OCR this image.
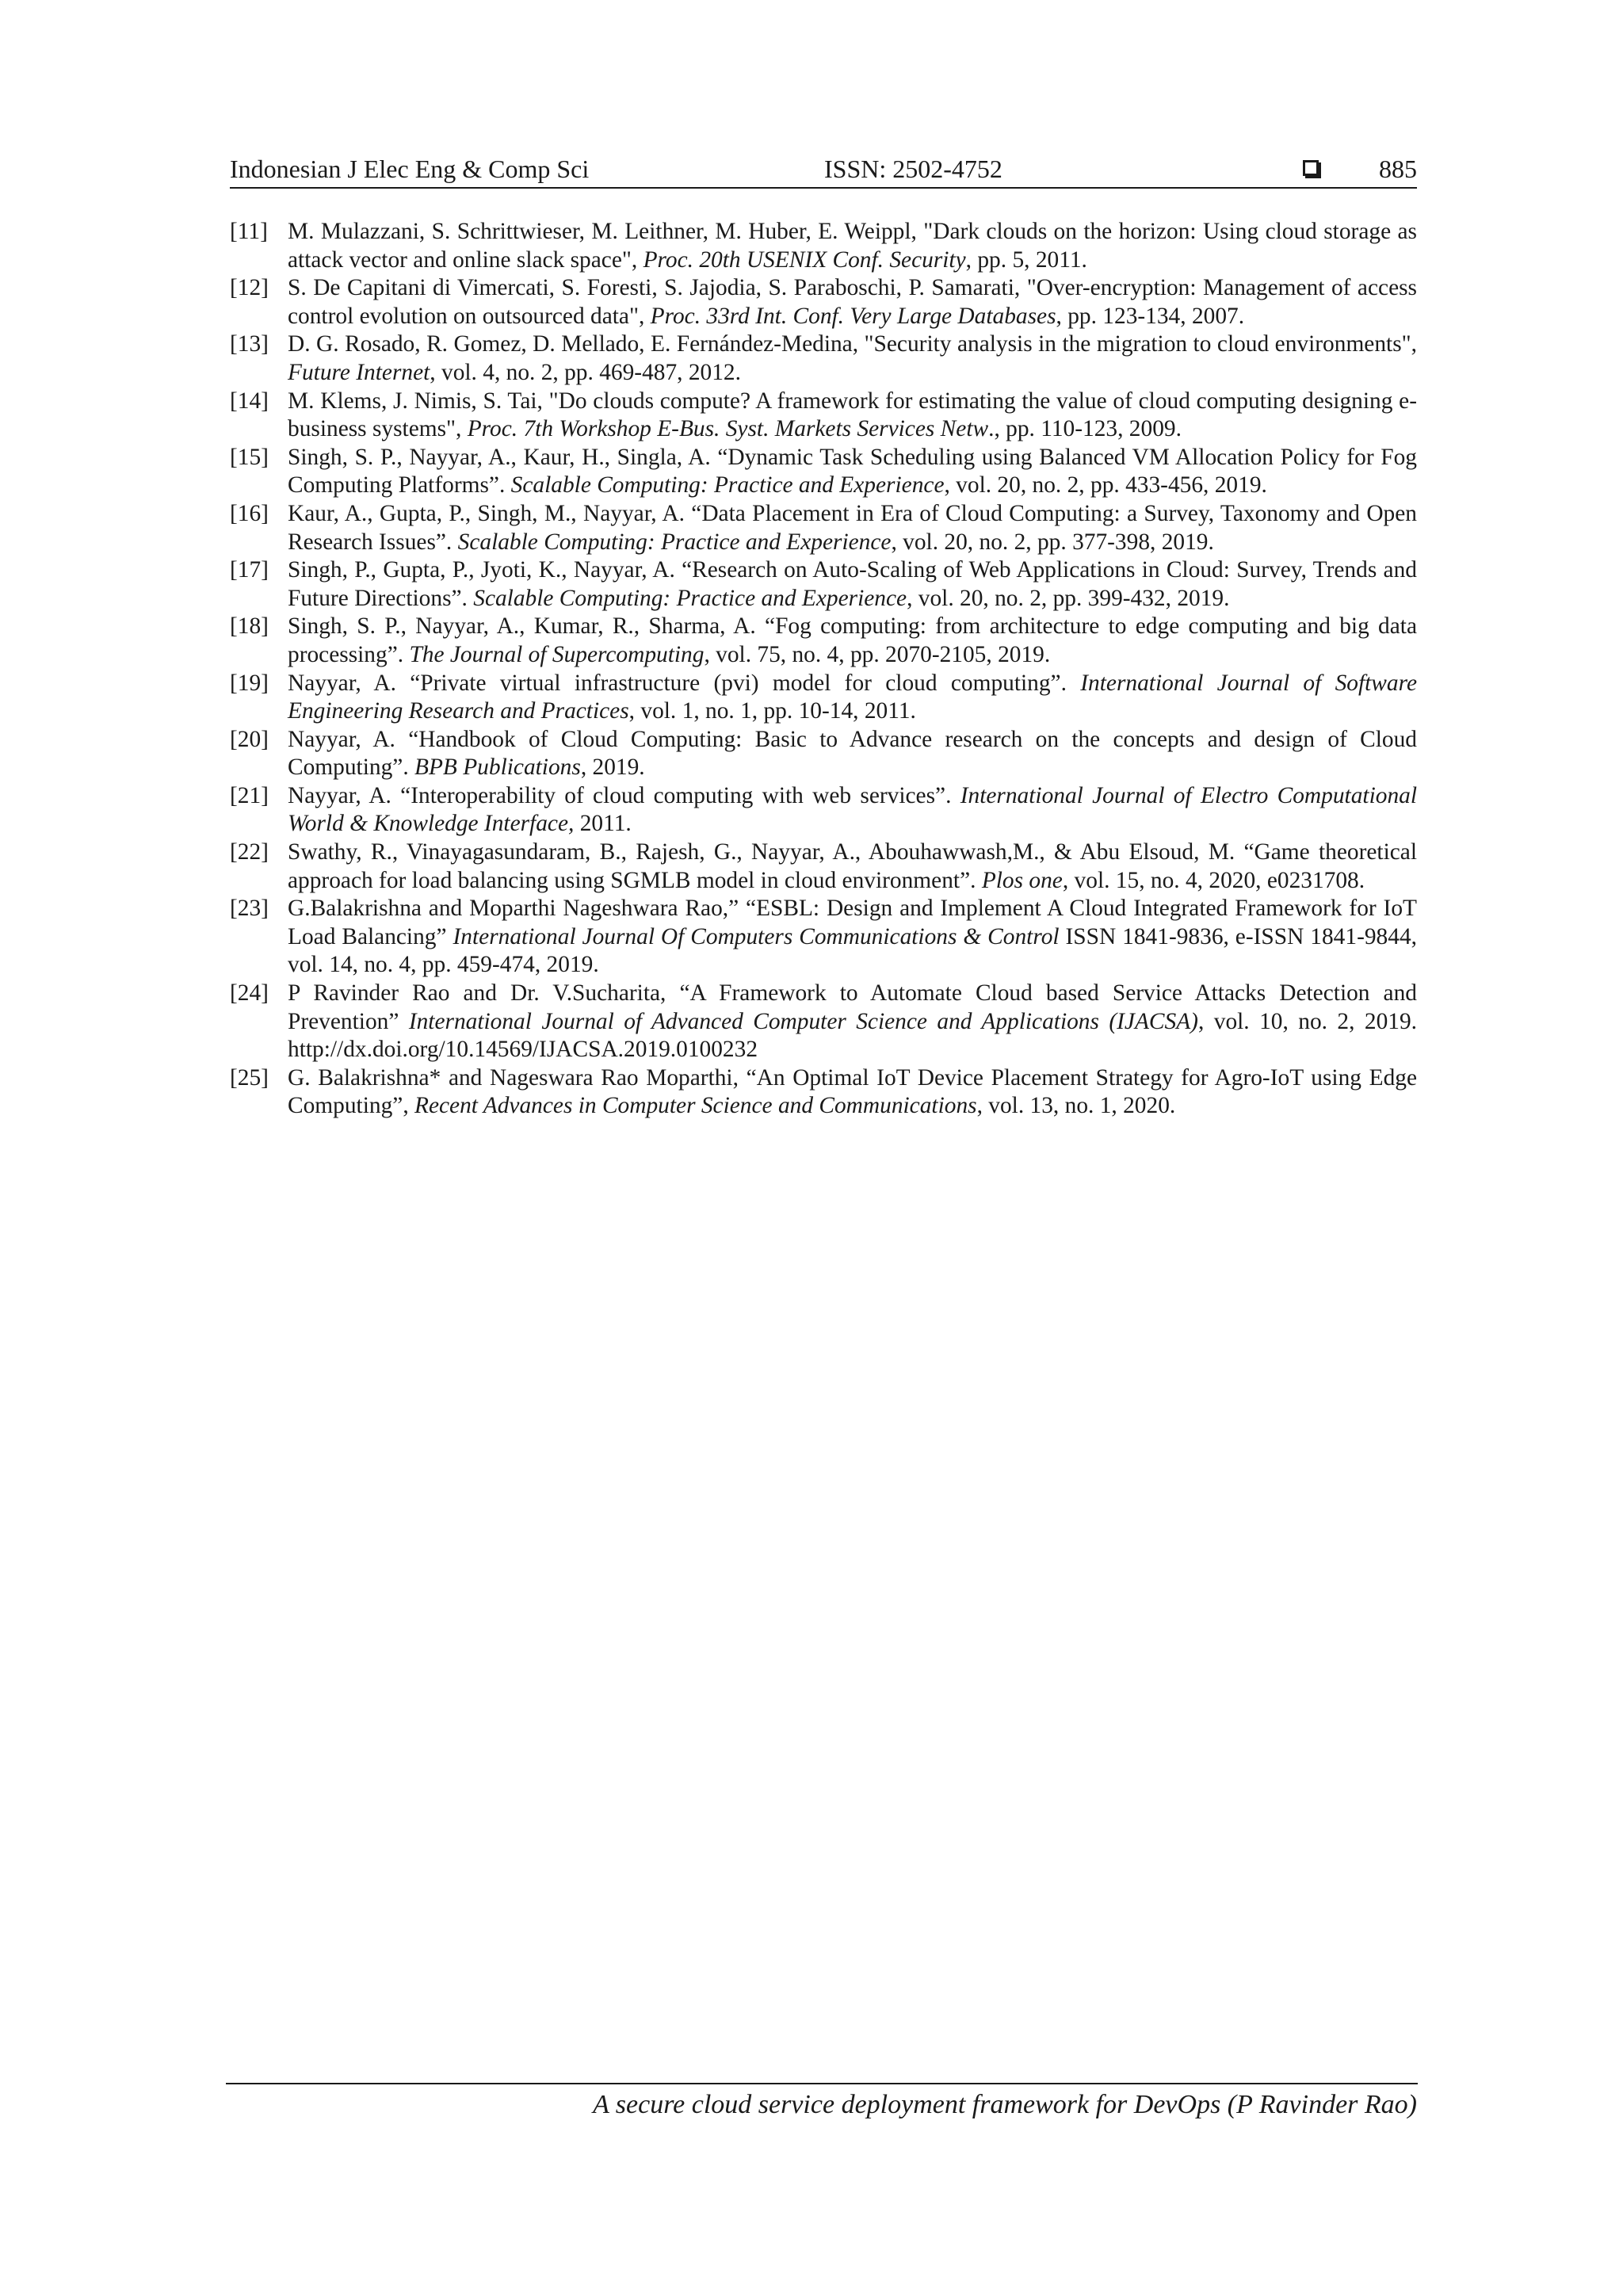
Indonesian J Elec Eng & Comp Sci	ISSN: 2502-4752	885
[11] M. Mulazzani, S. Schrittwieser, M. Leithner, M. Huber, E. Weippl, "Dark clouds on the horizon: Using cloud storage as attack vector and online slack space", Proc. 20th USENIX Conf. Security, pp. 5, 2011.
[12] S. De Capitani di Vimercati, S. Foresti, S. Jajodia, S. Paraboschi, P. Samarati, "Over-encryption: Management of access control evolution on outsourced data", Proc. 33rd Int. Conf. Very Large Databases, pp. 123-134, 2007.
[13] D. G. Rosado, R. Gomez, D. Mellado, E. Fernández-Medina, "Security analysis in the migration to cloud environments", Future Internet, vol. 4, no. 2, pp. 469-487, 2012.
[14] M. Klems, J. Nimis, S. Tai, "Do clouds compute? A framework for estimating the value of cloud computing designing e-business systems", Proc. 7th Workshop E-Bus. Syst. Markets Services Netw., pp. 110-123, 2009.
[15] Singh, S. P., Nayyar, A., Kaur, H., Singla, A. “Dynamic Task Scheduling using Balanced VM Allocation Policy for Fog Computing Platforms”. Scalable Computing: Practice and Experience, vol. 20, no. 2, pp. 433-456, 2019.
[16] Kaur, A., Gupta, P., Singh, M., Nayyar, A. “Data Placement in Era of Cloud Computing: a Survey, Taxonomy and Open Research Issues”. Scalable Computing: Practice and Experience, vol. 20, no. 2, pp. 377-398, 2019.
[17] Singh, P., Gupta, P., Jyoti, K., Nayyar, A. “Research on Auto-Scaling of Web Applications in Cloud: Survey, Trends and Future Directions”. Scalable Computing: Practice and Experience, vol. 20, no. 2, pp. 399-432, 2019.
[18] Singh, S. P., Nayyar, A., Kumar, R., Sharma, A. “Fog computing: from architecture to edge computing and big data processing”. The Journal of Supercomputing, vol. 75, no. 4, pp. 2070-2105, 2019.
[19] Nayyar, A. “Private virtual infrastructure (pvi) model for cloud computing”. International Journal of Software Engineering Research and Practices, vol. 1, no. 1, pp. 10-14, 2011.
[20] Nayyar, A. “Handbook of Cloud Computing: Basic to Advance research on the concepts and design of Cloud Computing”. BPB Publications, 2019.
[21] Nayyar, A. “Interoperability of cloud computing with web services”. International Journal of Electro Computational World & Knowledge Interface, 2011.
[22] Swathy, R., Vinayagasundaram, B., Rajesh, G., Nayyar, A., Abouhawwash,M., & Abu Elsoud, M. “Game theoretical approach for load balancing using SGMLB model in cloud environment”. Plos one, vol. 15, no. 4, 2020, e0231708.
[23] G.Balakrishna and Moparthi Nageshwara Rao,” “ESBL: Design and Implement A Cloud Integrated Framework for IoT Load Balancing” International Journal Of Computers Communications & Control ISSN 1841-9836, e-ISSN 1841-9844, vol. 14, no. 4, pp. 459-474, 2019.
[24] P Ravinder Rao and Dr. V.Sucharita, “A Framework to Automate Cloud based Service Attacks Detection and Prevention” International Journal of Advanced Computer Science and Applications (IJACSA), vol. 10, no. 2, 2019. http://dx.doi.org/10.14569/IJACSA.2019.0100232
[25] G. Balakrishna* and Nageswara Rao Moparthi, “An Optimal IoT Device Placement Strategy for Agro-IoT using Edge Computing”, Recent Advances in Computer Science and Communications, vol. 13, no. 1, 2020.
A secure cloud service deployment framework for DevOps (P Ravinder Rao)
